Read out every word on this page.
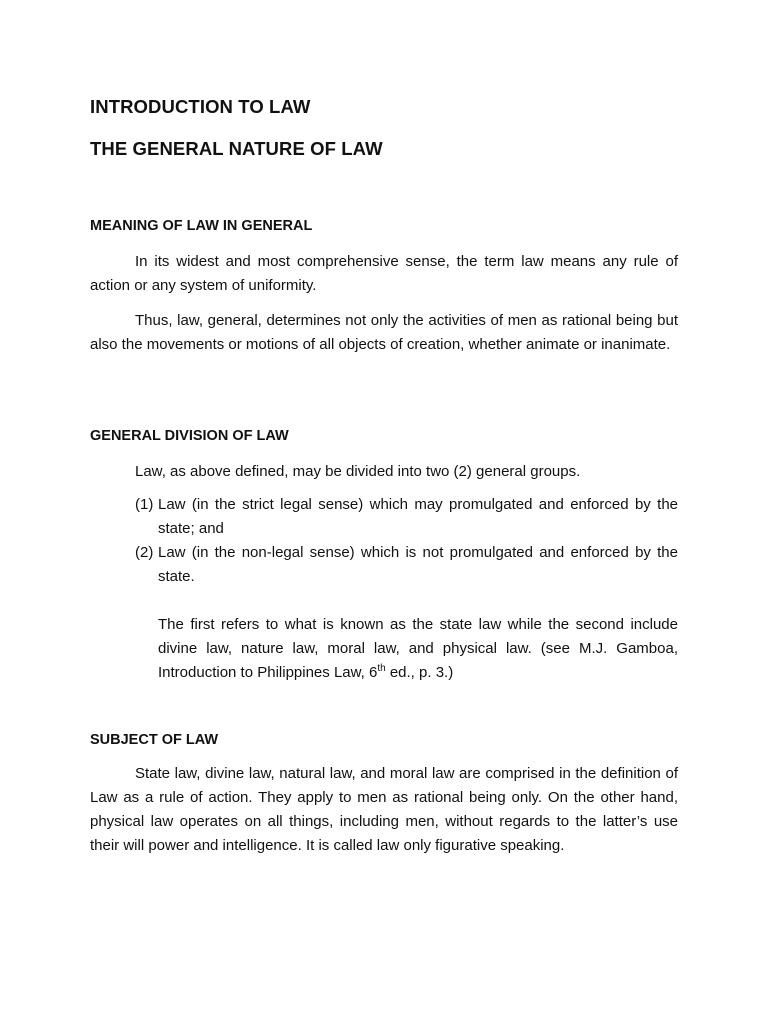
INTRODUCTION TO LAW
THE GENERAL NATURE OF LAW
MEANING OF LAW IN GENERAL

In its widest and most comprehensive sense, the term law means any rule of action or any system of uniformity.

Thus, law, general, determines not only the activities of men as rational being but also the movements or motions of all objects of creation, whether animate or inanimate.

GENERAL DIVISION OF LAW

Law, as above defined, may be divided into two (2) general groups.

(1) Law (in the strict legal sense) which may promulgated and enforced by the state; and
(2) Law (in the non-legal sense) which is not promulgated and enforced by the state.
The first refers to what is known as the state law while the second include divine law, nature law, moral law, and physical law. (see M.J. Gamboa, Introduction to Philippines Law, 6th ed., p. 3.)
SUBJECT OF LAW

State law, divine law, natural law, and moral law are comprised in the definition of Law as a rule of action. They apply to men as rational being only. On the other hand, physical law operates on all things, including men, without regards to the latter’s use their will power and intelligence. It is called law only figurative speaking.
